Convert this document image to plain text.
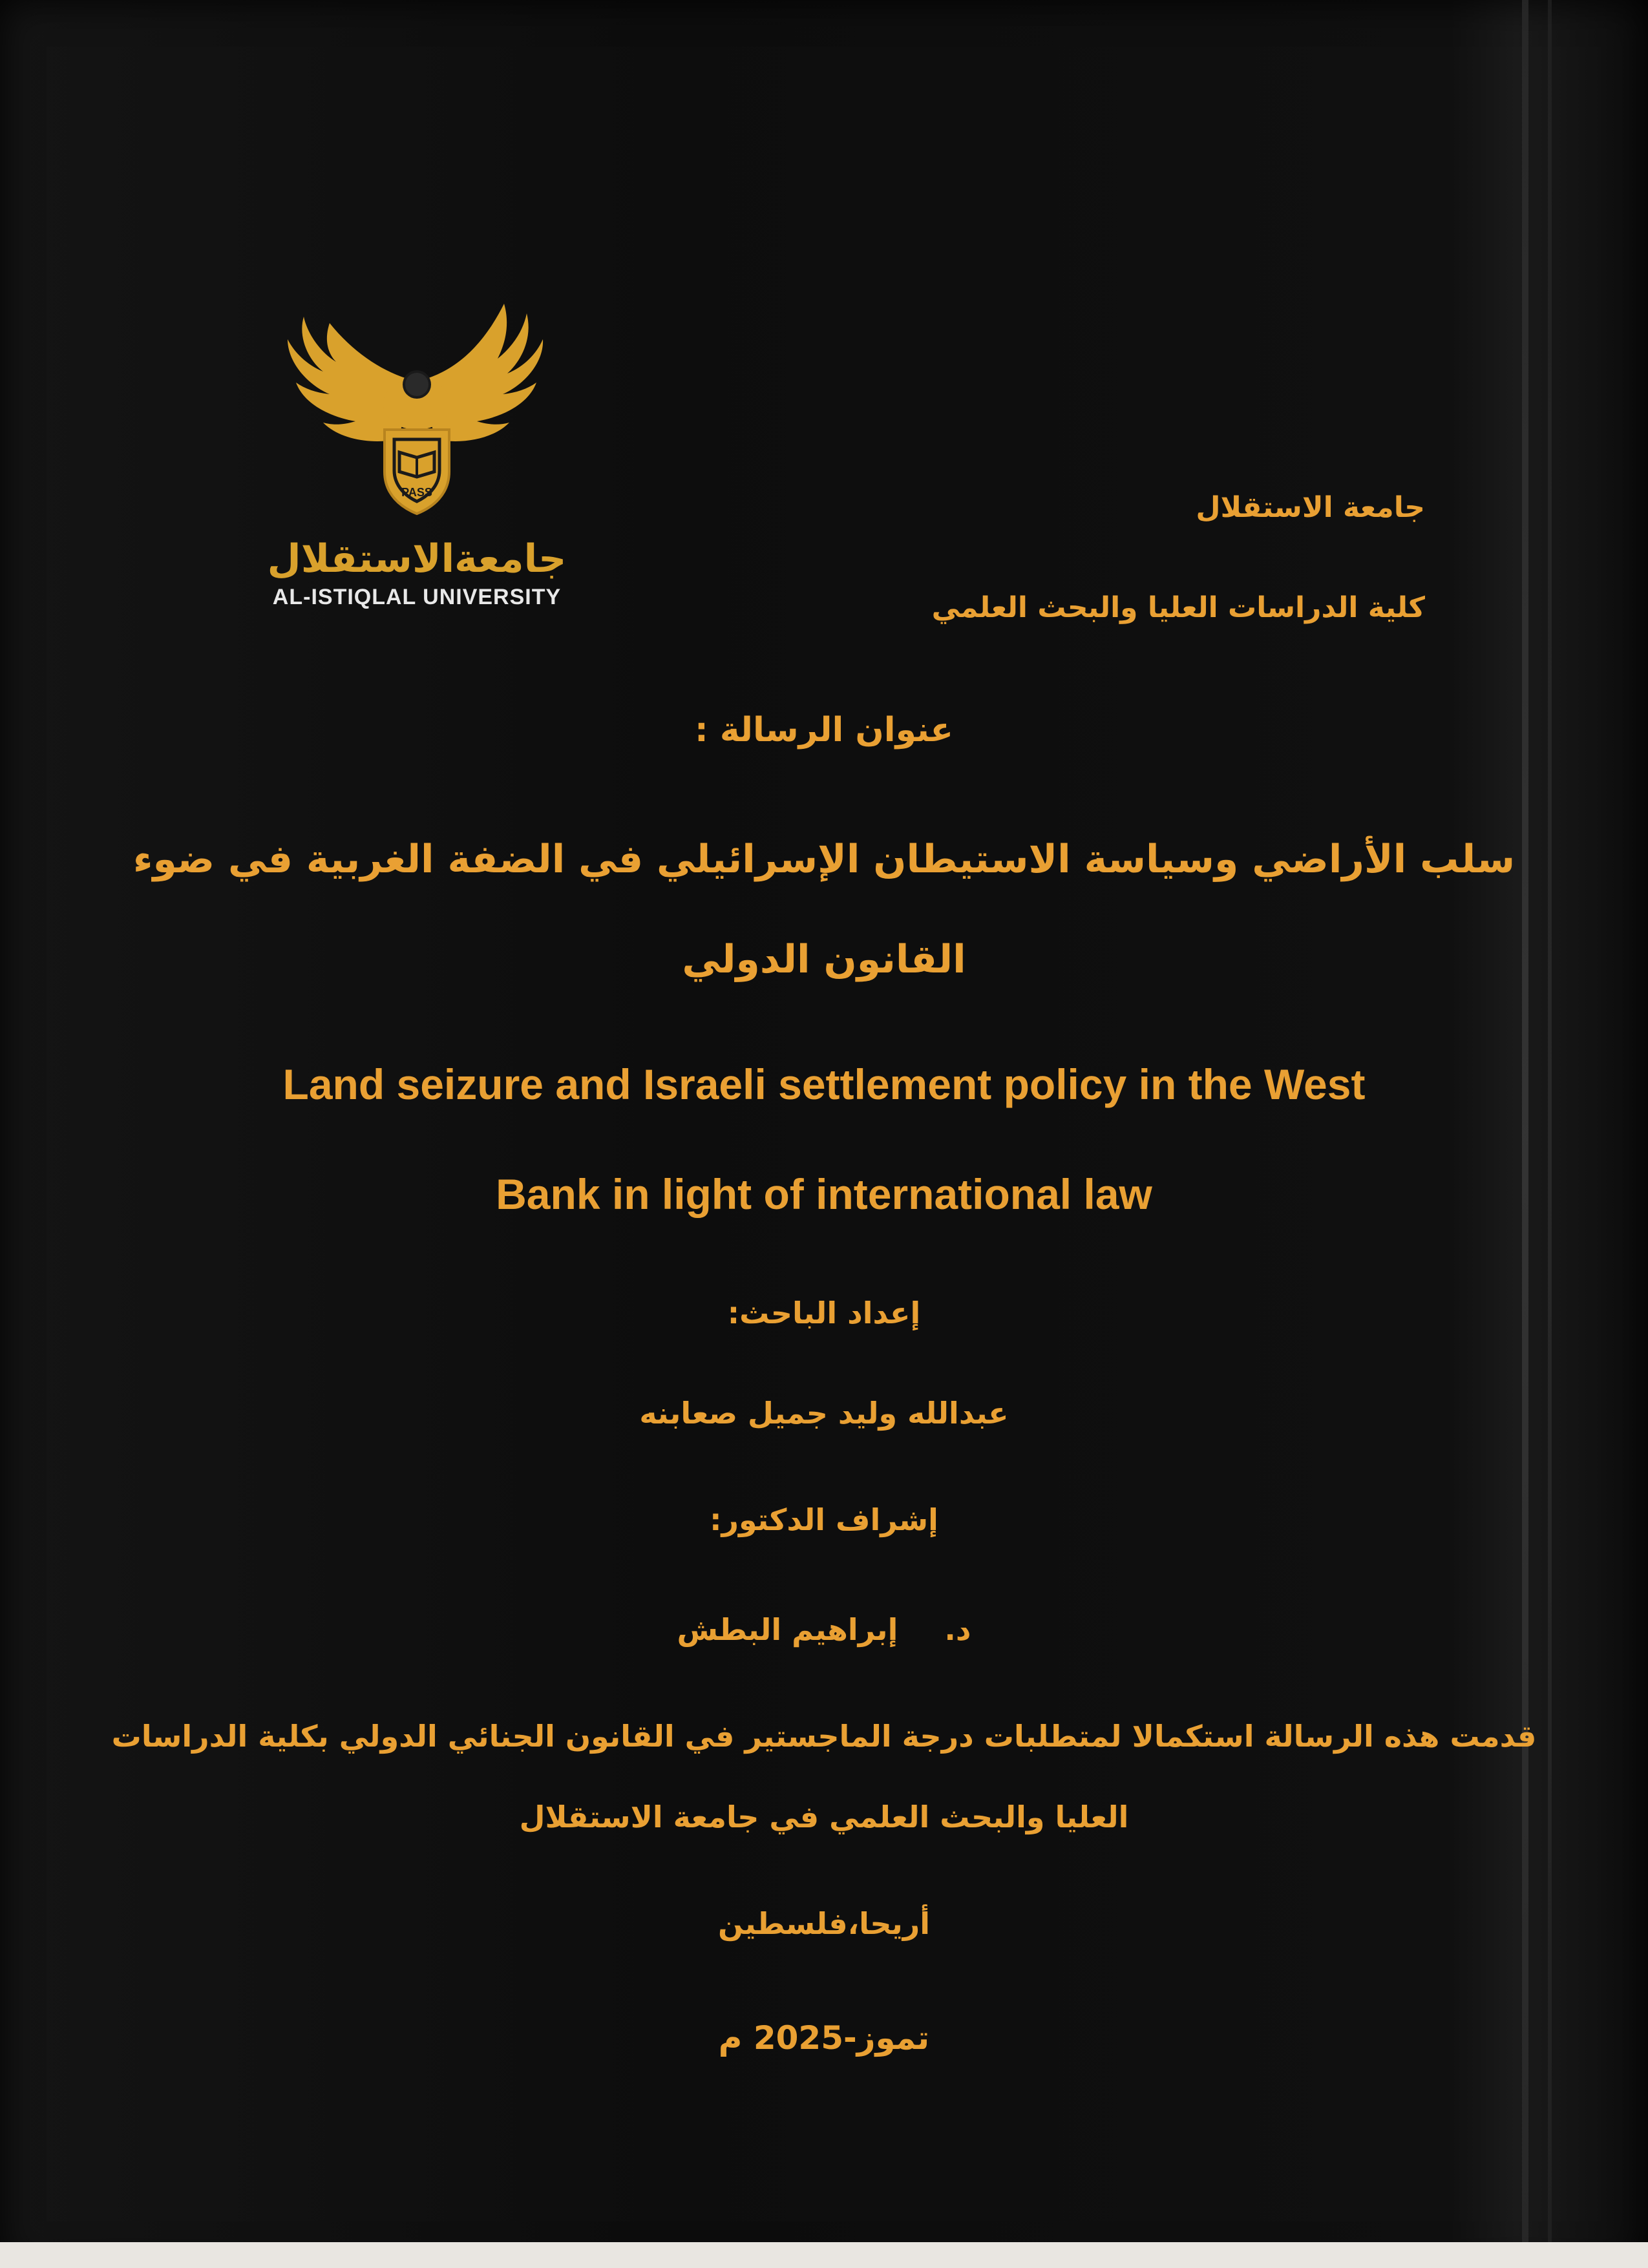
PASS
جامعةالاستقلال
AL-ISTIQLAL UNIVERSITY
جامعة الاستقلال
كلية الدراسات العليا والبحث العلمي
عنوان الرسالة :
سلب الأراضي وسياسة الاستيطان الإسرائيلي في الضفة الغربية في ضوء
القانون الدولي
Land seizure and Israeli settlement policy in the West
Bank in light of international law
إعداد الباحث:
عبدالله وليد جميل صعابنه
إشراف الدكتور:
د.  إبراهيم البطش
قدمت هذه الرسالة استكمالا لمتطلبات درجة الماجستير في القانون الجنائي الدولي بكلية الدراسات
العليا والبحث العلمي في جامعة الاستقلال
أريحا،فلسطين
تموز-2025 م
